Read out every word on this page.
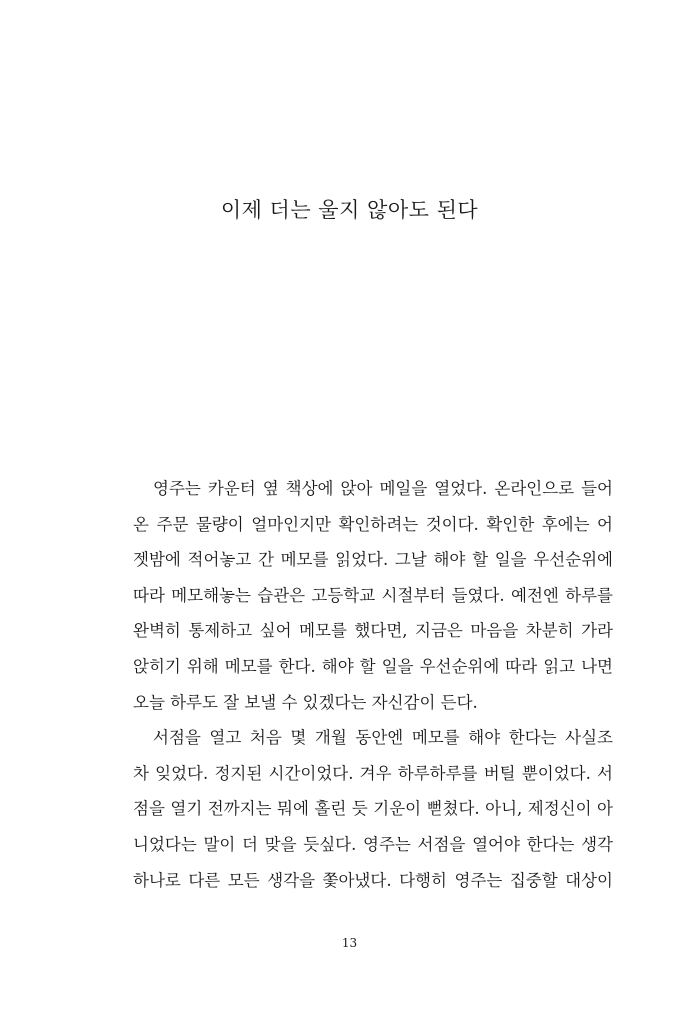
이제 더는 울지 않아도 된다
영주는 카운터 옆 책상에 앉아 메일을 열었다. 온라인으로 들어
온 주문 물량이 얼마인지만 확인하려는 것이다. 확인한 후에는 어
젯밤에 적어놓고 간 메모를 읽었다. 그날 해야 할 일을 우선순위에
따라 메모해놓는 습관은 고등학교 시절부터 들였다. 예전엔 하루를
완벽히 통제하고 싶어 메모를 했다면, 지금은 마음을 차분히 가라
앉히기 위해 메모를 한다. 해야 할 일을 우선순위에 따라 읽고 나면
오늘 하루도 잘 보낼 수 있겠다는 자신감이 든다.
서점을 열고 처음 몇 개월 동안엔 메모를 해야 한다는 사실조
차 잊었다. 정지된 시간이었다. 겨우 하루하루를 버틸 뿐이었다. 서
점을 열기 전까지는 뭐에 홀린 듯 기운이 뻗쳤다. 아니, 제정신이 아
니었다는 말이 더 맞을 듯싶다. 영주는 서점을 열어야 한다는 생각
하나로 다른 모든 생각을 쫓아냈다. 다행히 영주는 집중할 대상이
13
